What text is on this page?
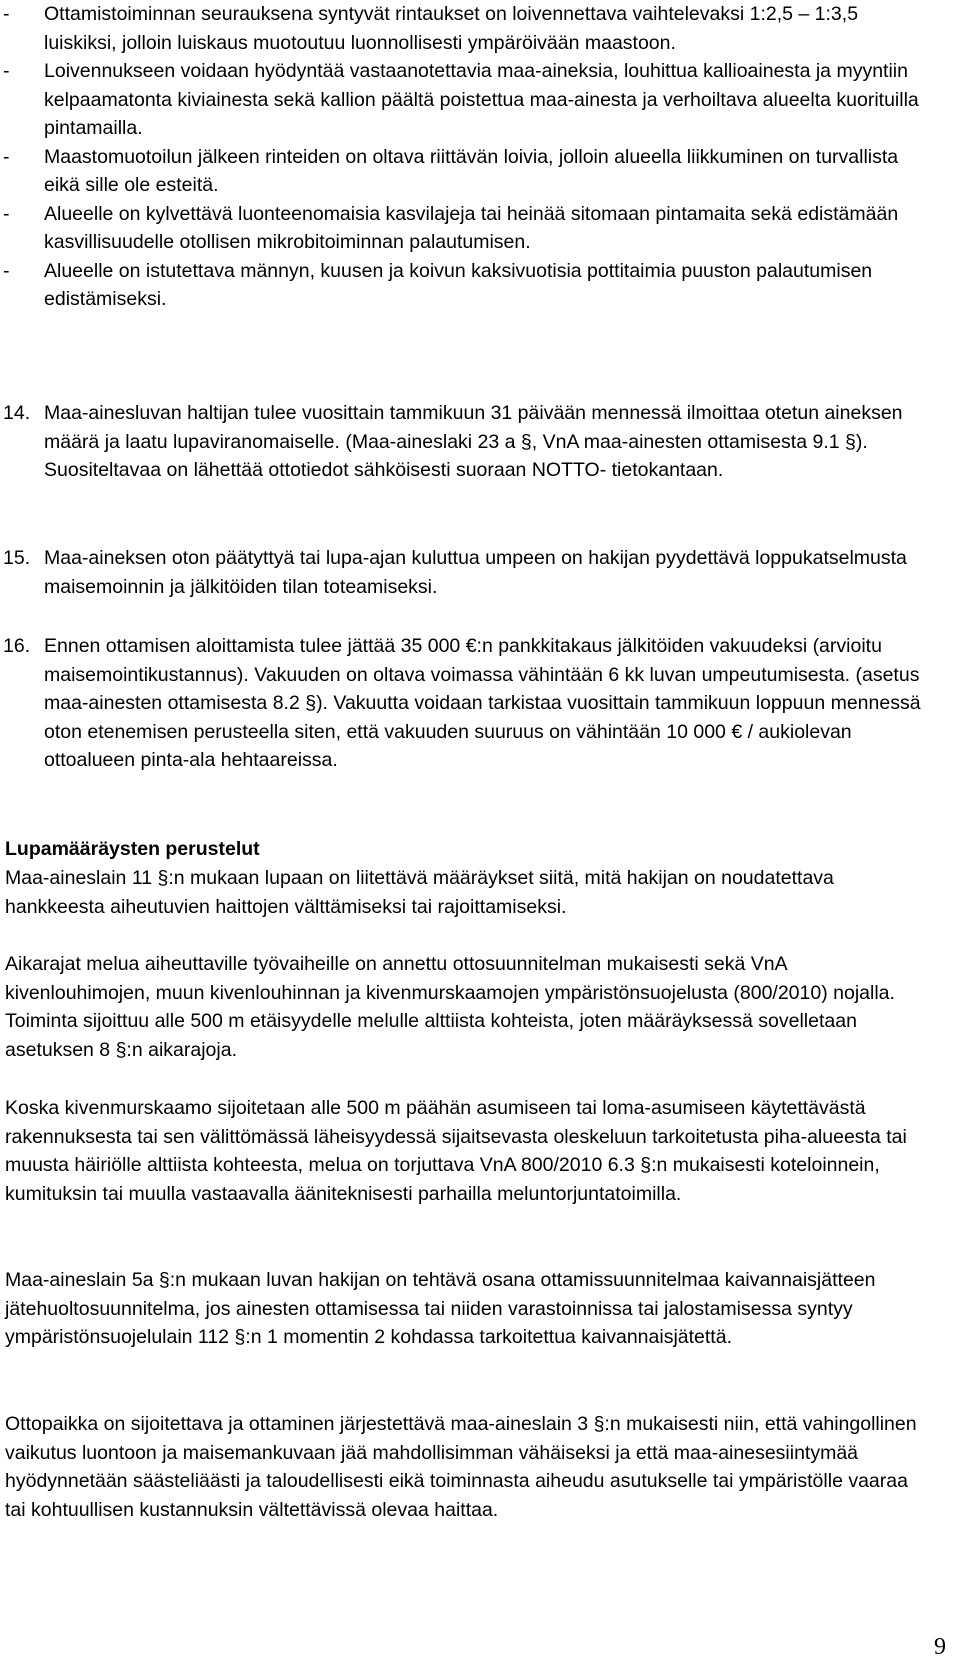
-	Ottamistoiminnan seurauksena syntyvät rintaukset on loivennettava vaihtelevaksi 1:2,5 – 1:3,5 luiskiksi, jolloin luiskaus muotoutuu luonnollisesti ympäröivään maastoon.
-	Loivennukseen voidaan hyödyntää vastaanotettavia maa-aineksia, louhittua kallioainesta ja myyntiin kelpaamatonta kiviainesta sekä kallion päältä poistettua maa-ainesta ja verhoiltava alueelta kuorituilla pintamailla.
-	Maastomuotoilun jälkeen rinteiden on oltava riittävän loivia, jolloin alueella liikkuminen on turvallista eikä sille ole esteitä.
-	Alueelle on kylvettävä luonteenomaisia kasvilajeja tai heinää sitomaan pintamaita sekä edistämään kasvillisuudelle otollisen mikrobitoiminnan palautumisen.
-	Alueelle on istutettava männyn, kuusen ja koivun kaksivuotisia pottitaimia puuston palautumisen edistämiseksi.
14. Maa-ainesluvan haltijan tulee vuosittain tammikuun 31 päivään mennessä ilmoittaa otetun aineksen määrä ja laatu lupaviranomaiselle. (Maa-aineslaki 23 a §, VnA maa-ainesten ottamisesta 9.1 §). Suositeltavaa on lähettää ottotiedot sähköisesti suoraan NOTTO- tietokantaan.
15. Maa-aineksen oton päätyttyä tai lupa-ajan kuluttua umpeen on hakijan pyydettävä loppukatselmusta maisemoinnin ja jälkitöiden tilan toteamiseksi.
16. Ennen ottamisen aloittamista tulee jättää 35 000 €:n pankkitakaus jälkitöiden vakuudeksi (arvioitu maisemointikustannus). Vakuuden on oltava voimassa vähintään 6 kk luvan umpeutumisesta. (asetus maa-ainesten ottamisesta 8.2 §). Vakuutta voidaan tarkistaa vuosittain tammikuun loppuun mennessä oton etenemisen perusteella siten, että vakuuden suuruus on vähintään 10 000 € / aukiolevan ottoalueen pinta-ala hehtaareissa.
Lupamääräysten perustelut
Maa-aineslain 11 §:n mukaan lupaan on liitettävä määräykset siitä, mitä hakijan on noudatettava hankkeesta aiheutuvien haittojen välttämiseksi tai rajoittamiseksi.
Aikarajat melua aiheuttaville työvaiheille on annettu ottosuunnitelman mukaisesti sekä VnA kivenlouhimojen, muun kivenlouhinnan ja kivenmurskaamojen ympäristönsuojelusta (800/2010) nojalla. Toiminta sijoittuu alle 500 m etäisyydelle melulle alttiista kohteista, joten määräyksessä sovelletaan asetuksen 8 §:n aikarajoja.
Koska kivenmurskaamo sijoitetaan alle 500 m päähän asumiseen tai loma-asumiseen käytettävästä rakennuksesta tai sen välittömässä läheisyydessä sijaitsevasta oleskeluun tarkoitetusta piha-alueesta tai muusta häiriölle alttiista kohteesta, melua on torjuttava VnA 800/2010 6.3 §:n mukaisesti koteloinnein, kumituksin tai muulla vastaavalla ääniteknisesti parhailla meluntorjuntatoimilla.
Maa-aineslain 5a §:n mukaan luvan hakijan on tehtävä osana ottamissuunnitelmaa kaivannaisjätteen jätehuoltosuunnitelma, jos ainesten ottamisessa tai niiden varastoinnissa tai jalostamisessa syntyy ympäristönsuojelulain 112 §:n 1 momentin 2 kohdassa tarkoitettua kaivannaisjätettä.
Ottopaikka on sijoitettava ja ottaminen järjestettävä maa-aineslain 3 §:n mukaisesti niin, että vahingollinen vaikutus luontoon ja maisemankuvaan jää mahdollisimman vähäiseksi ja että maa-ainesesiintymää hyödynnetään säästeliäästi ja taloudellisesti eikä toiminnasta aiheudu asutukselle tai ympäristölle vaaraa tai kohtuullisen kustannuksin vältettävissä olevaa haittaa.
9
